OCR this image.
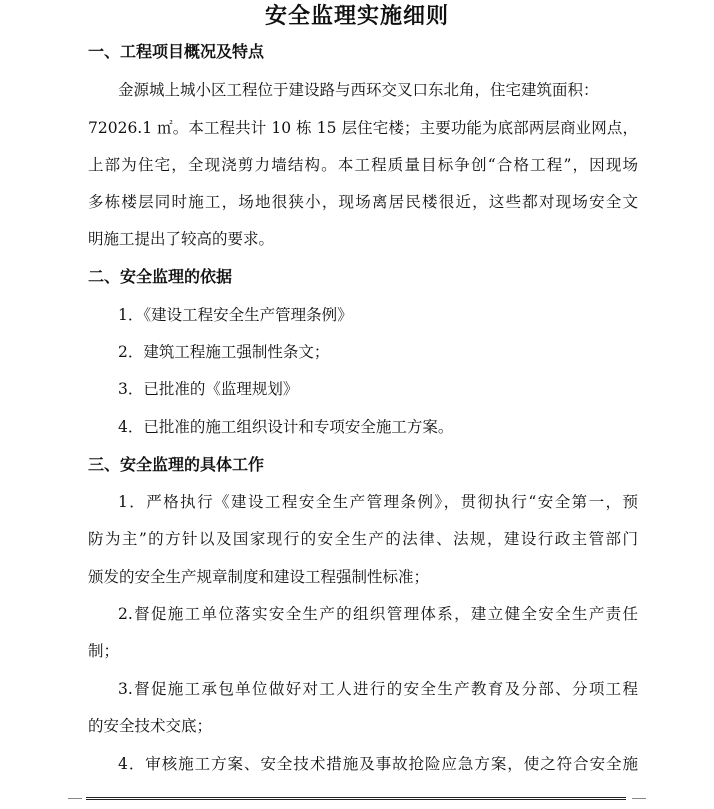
安全监理实施细则
一、工程项目概况及特点
金源城上城小区工程位于建设路与西环交叉口东北角，住宅建筑面积：
72026.1 ㎡。本工程共计 10 栋 15 层住宅楼；主要功能为底部两层商业网点，
上部为住宅，全现浇剪力墙结构。本工程质量目标争创“合格工程”，因现场
多栋楼层同时施工，场地很狭小，现场离居民楼很近，这些都对现场安全文
明施工提出了较高的要求。
二、安全监理的依据
1．《建设工程安全生产管理条例》
2．建筑工程施工强制性条文；
3．已批准的《监理规划》
4．已批准的施工组织设计和专项安全施工方案。
三、安全监理的具体工作
1．严格执行《建设工程安全生产管理条例》，贯彻执行“安全第一，预
防为主”的方针以及国家现行的安全生产的法律、法规，建设行政主管部门
颁发的安全生产规章制度和建设工程强制性标准；
2.督促施工单位落实安全生产的组织管理体系，建立健全安全生产责任
制；
3.督促施工承包单位做好对工人进行的安全生产教育及分部、分项工程
的安全技术交底；
4．审核施工方案、安全技术措施及事故抢险应急方案，使之符合安全施
